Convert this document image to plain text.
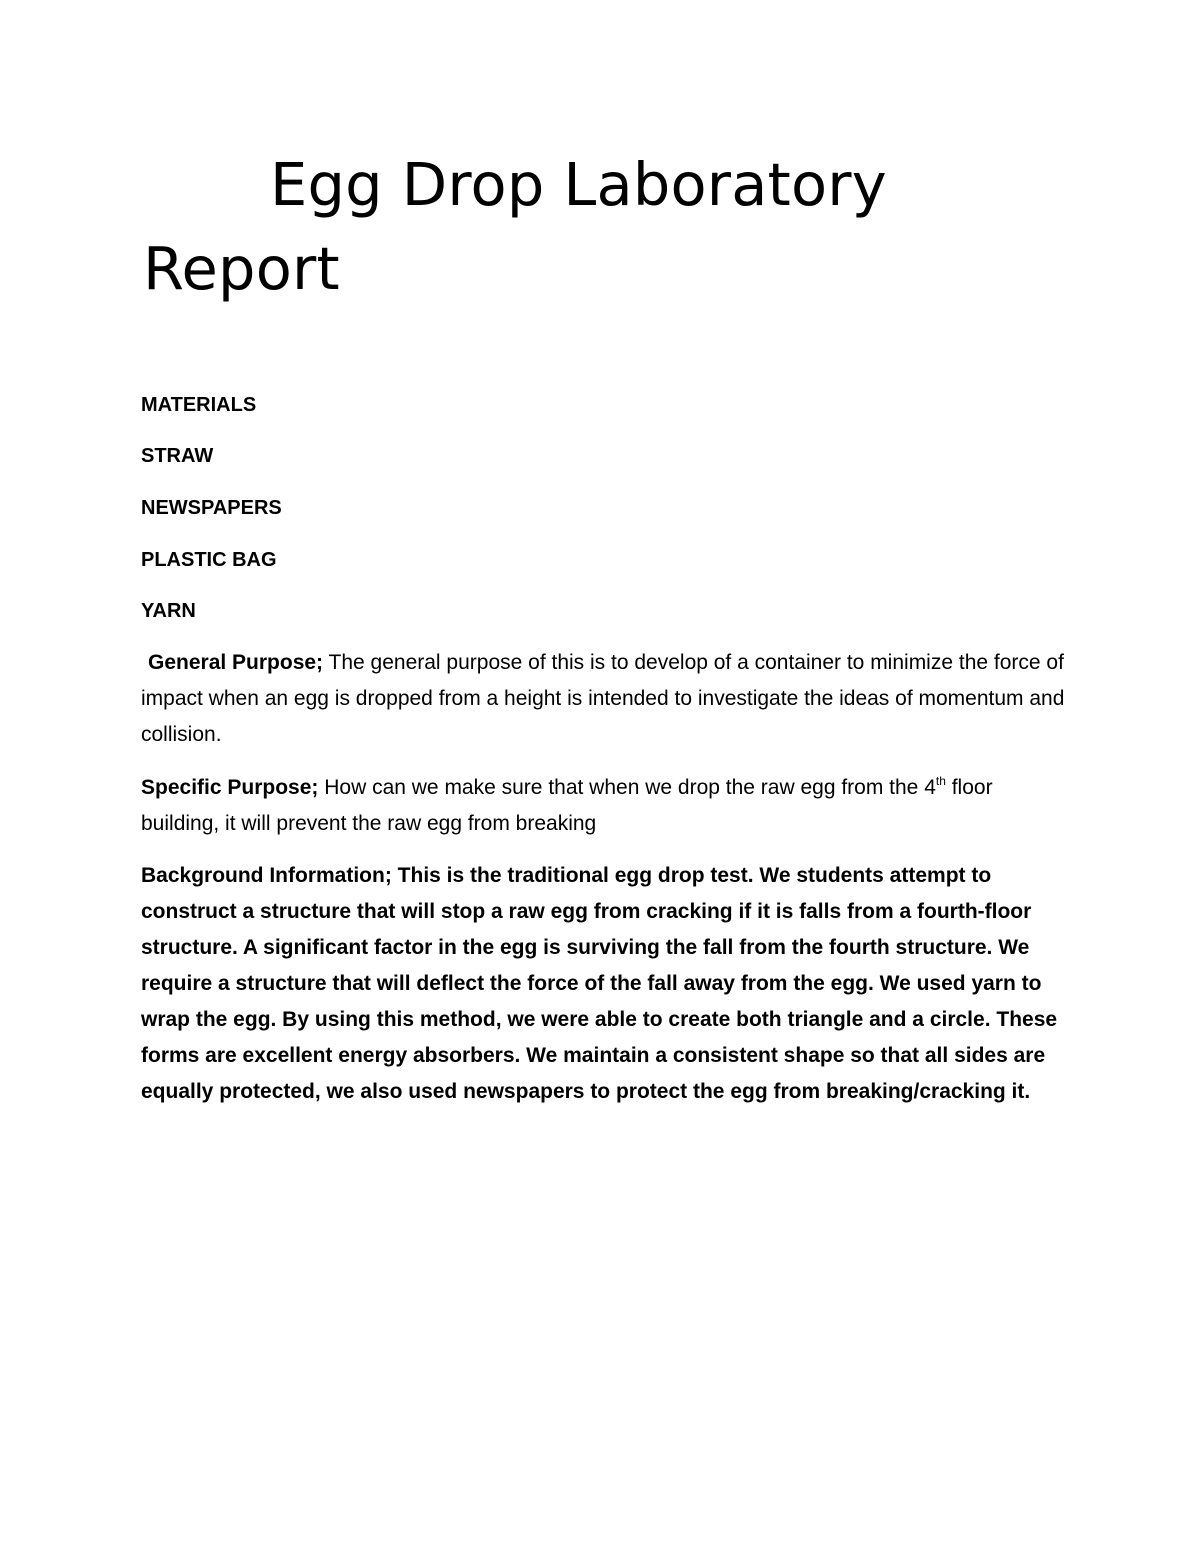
Egg Drop Laboratory Report

MATERIALS

STRAW

NEWSPAPERS

PLASTIC BAG

YARN

General Purpose; The general purpose of this is to develop of a container to minimize the force of impact when an egg is dropped from a height is intended to investigate the ideas of momentum and collision.

Specific Purpose; How can we make sure that when we drop the raw egg from the 4th floor building, it will prevent the raw egg from breaking

Background Information; This is the traditional egg drop test. We students attempt to construct a structure that will stop a raw egg from cracking if it is falls from a fourth-floor structure. A significant factor in the egg is surviving the fall from the fourth structure. We require a structure that will deflect the force of the fall away from the egg. We used yarn to wrap the egg. By using this method, we were able to create both triangle and a circle. These forms are excellent energy absorbers. We maintain a consistent shape so that all sides are equally protected, we also used newspapers to protect the egg from breaking/cracking it.
